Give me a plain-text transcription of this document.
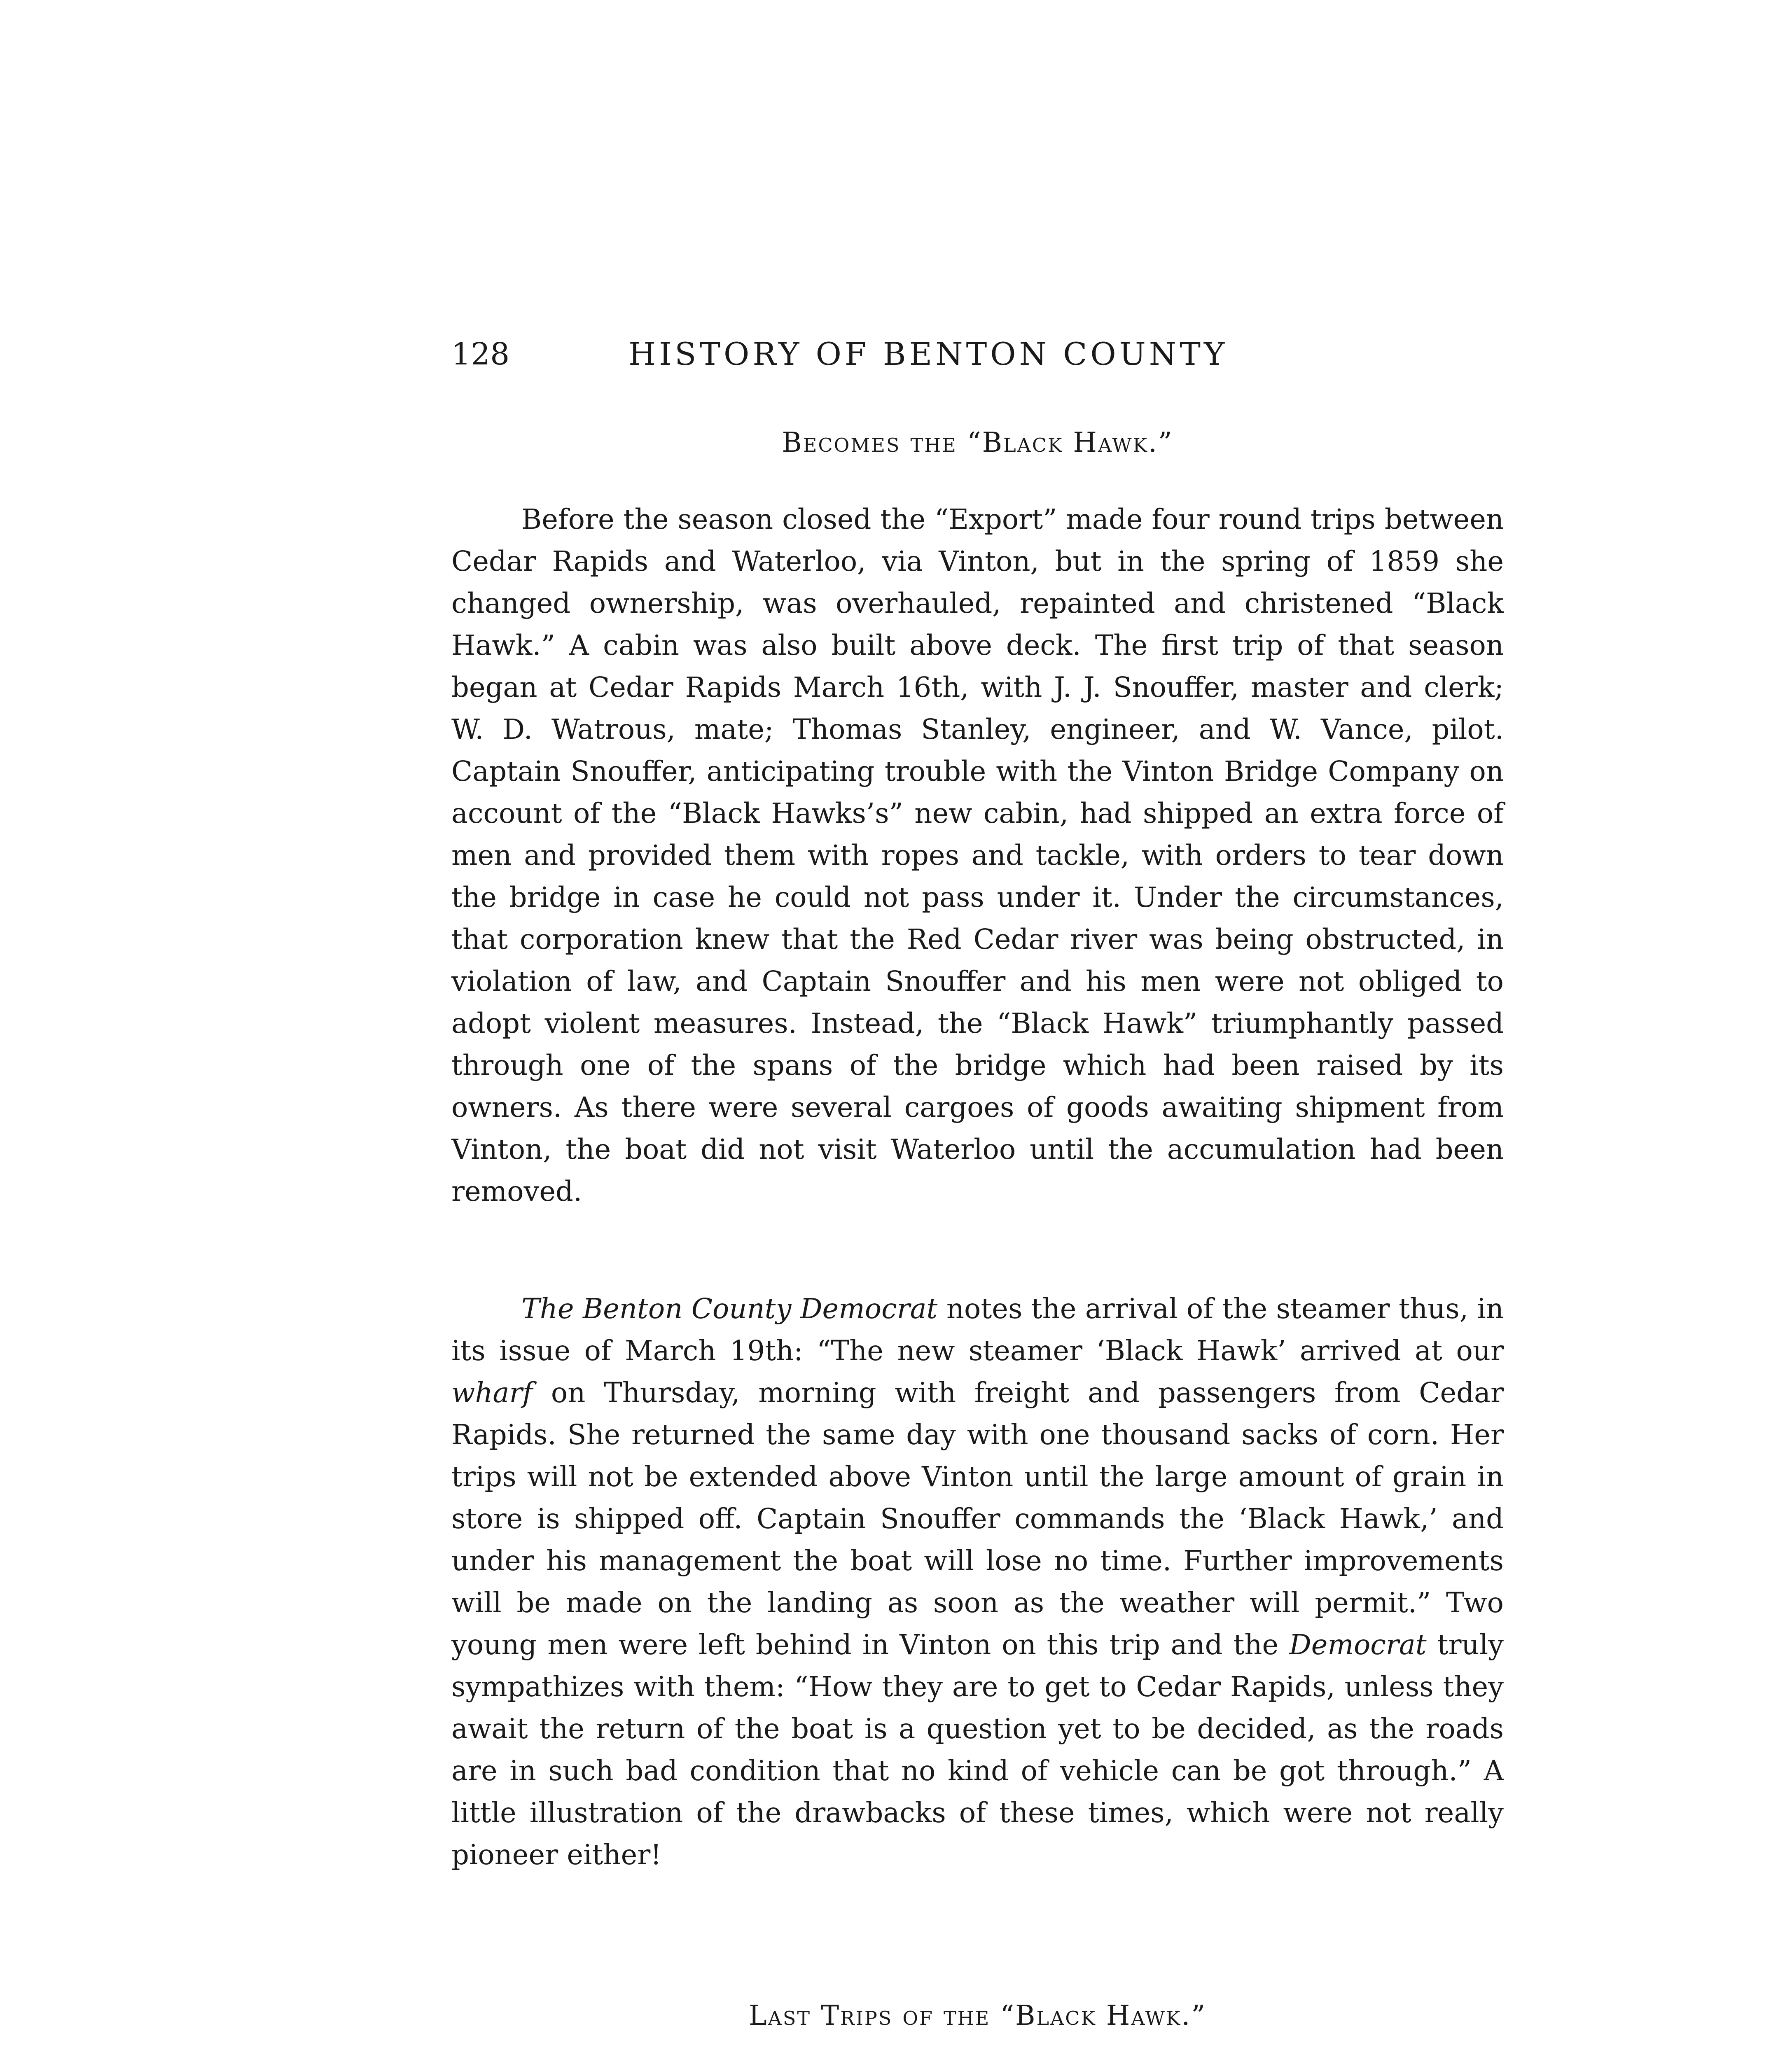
128	HISTORY OF BENTON COUNTY
Becomes the “Black Hawk.”

Before the season closed the “Export” made four round trips between Cedar Rapids and Waterloo, via Vinton, but in the spring of 1859 she changed ownership, was overhauled, repainted and christened “Black Hawk.” A cabin was also built above deck. The first trip of that season began at Cedar Rapids March 16th, with J. J. Snouffer, master and clerk; W. D. Watrous, mate; Thomas Stanley, engineer, and W. Vance, pilot. Captain Snouffer, anticipating trouble with the Vinton Bridge Company on account of the “Black Hawks’s” new cabin, had shipped an extra force of men and provided them with ropes and tackle, with orders to tear down the bridge in case he could not pass under it. Under the circumstances, that corporation knew that the Red Cedar river was being obstructed, in violation of law, and Captain Snouffer and his men were not obliged to adopt violent measures. Instead, the “Black Hawk” triumphantly passed through one of the spans of the bridge which had been raised by its owners. As there were several cargoes of goods awaiting shipment from Vinton, the boat did not visit Waterloo until the accumulation had been removed.

The Benton County Democrat notes the arrival of the steamer thus, in its issue of March 19th: “The new steamer ‘Black Hawk’ arrived at our wharf on Thursday, morning with freight and passengers from Cedar Rapids. She returned the same day with one thousand sacks of corn. Her trips will not be extended above Vinton until the large amount of grain in store is shipped off. Captain Snouffer commands the ‘Black Hawk,’ and under his management the boat will lose no time. Further improvements will be made on the landing as soon as the weather will permit.” Two young men were left behind in Vinton on this trip and the Democrat truly sympathizes with them: “How they are to get to Cedar Rapids, unless they await the return of the boat is a question yet to be decided, as the roads are in such bad condition that no kind of vehicle can be got through.” A little illustration of the drawbacks of these times, which were not really pioneer either!

Last Trips of the “Black Hawk.”
